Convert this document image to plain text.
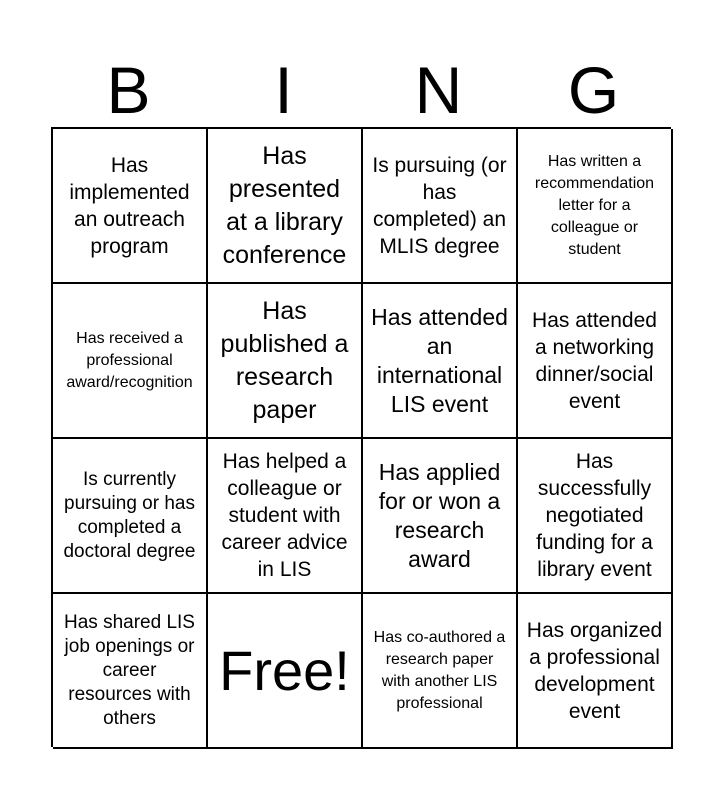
B	I	N	G
Has implemented an outreach program
Has presented at a library conference
Is pursuing (or has completed) an MLIS degree
Has written a recommendation letter for a colleague or student
Has received a professional award/recognition
Has published a research paper
Has attended an international LIS event
Has attended a networking dinner/social event
Is currently pursuing or has completed a doctoral degree
Has helped a colleague or student with career advice in LIS
Has applied for or won a research award
Has successfully negotiated funding for a library event
Has shared LIS job openings or career resources with others
Free!
Has co-authored a research paper with another LIS professional
Has organized a professional development event
